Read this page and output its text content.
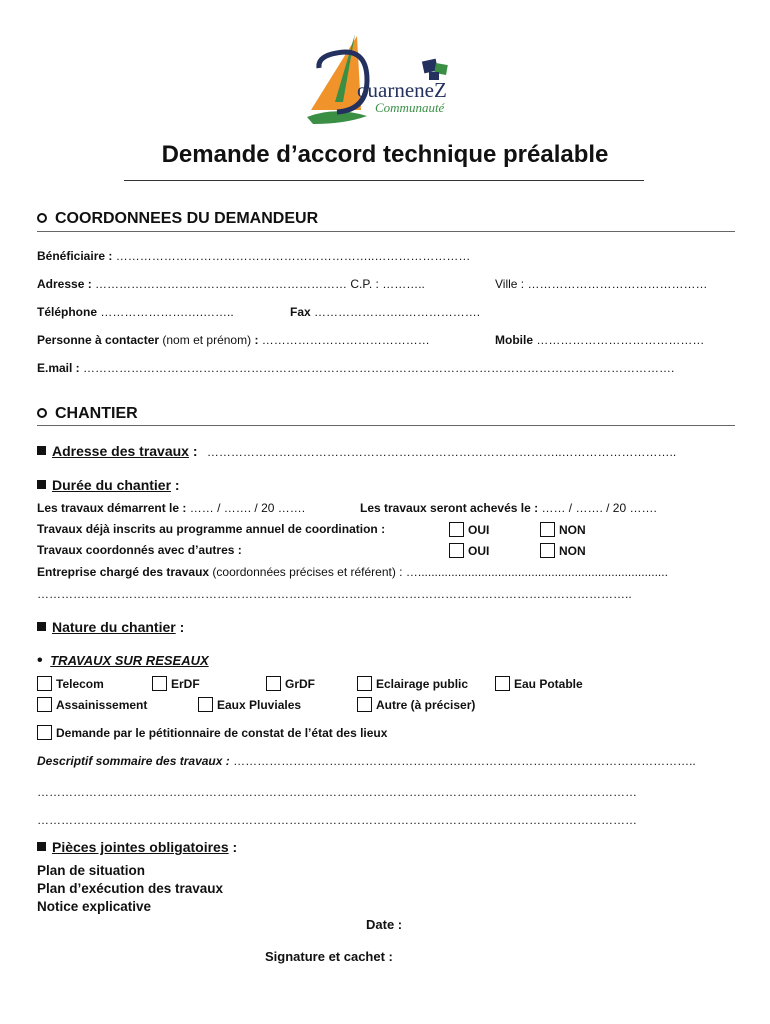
ouarneneZ
Communauté
Demande d’accord technique préalable
COORDONNEES DU DEMANDEUR
Bénéficiaire : ………………………………………………………..……………………
Adresse : ……………………………………………………… C.P. : ………..	Ville : ………………………………………
Téléphone ………………….….……..	Fax …………………..……………….
Personne à contacter (nom et prénom) : ……………………………………	Mobile ……………………………………
E.mail : ………………………………………………………………………………………………………………………………….
CHANTIER
Adresse des travaux : ……………………………………………………………………………..………………………..
Durée du chantier :
Les travaux démarrent le : …… / ……. / 20 …….	Les travaux seront achevés le : …… / ……. / 20 …….
Travaux déjà inscrits au programme annuel de coordination :	OUI	NON
Travaux coordonnés avec d’autres :	OUI	NON
Entreprise chargé des travaux (coordonnées précises et référent) : …...........................................................................
…………………………………………………………………………………………………………………………………..
Nature du chantier :
• TRAVAUX SUR RESEAUX
Telecom	ErDF	GrDF	Eclairage public	Eau Potable
Assainissement	Eaux Pluviales	Autre (à préciser)
Demande par le pétitionnaire de constat de l’état des lieux
Descriptif sommaire des travaux : ……………………………………………………………………………………………………..
……………………………………………………………………………………………………………………………………
……………………………………………………………………………………………………………………………………
Pièces jointes obligatoires :
Plan de situation
Plan d’exécution des travaux
Notice explicative
Date :
Signature et cachet :
